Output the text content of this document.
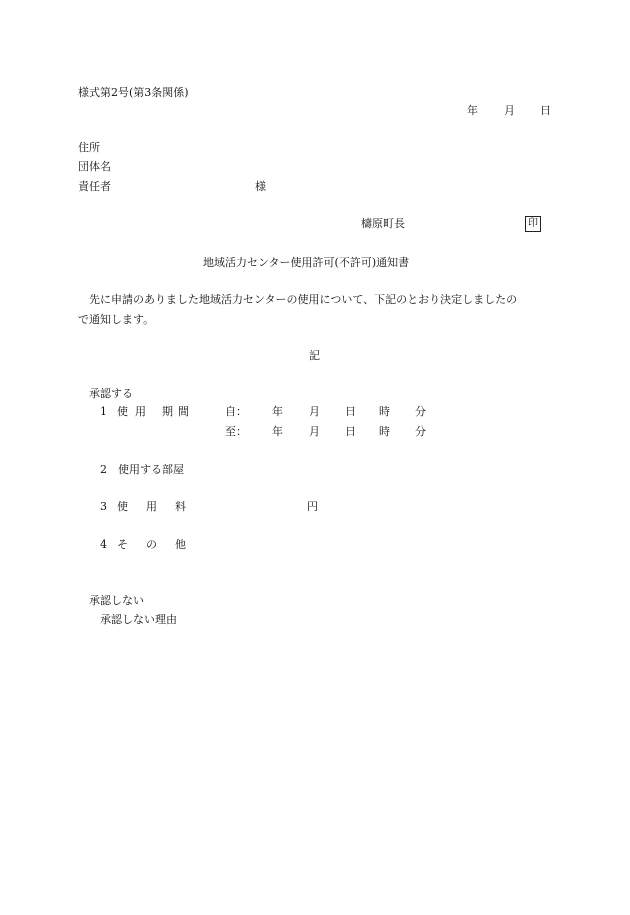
様式第2号(第3条関係)
年 月 日
住所
団体名
責任者	様
檮原町長	印
地域活力センター使用許可(不許可)通知書
先に申請のありました地域活力センターの使用について、下記のとおり決定しましたの
で通知します。
記
承認する
1 使 用 期 間	自： 年 月 日 時 分
至： 年 月 日 時 分
2 使用する部屋
3 使 用 料	円
4 そ の 他
承認しない
承認しない理由
